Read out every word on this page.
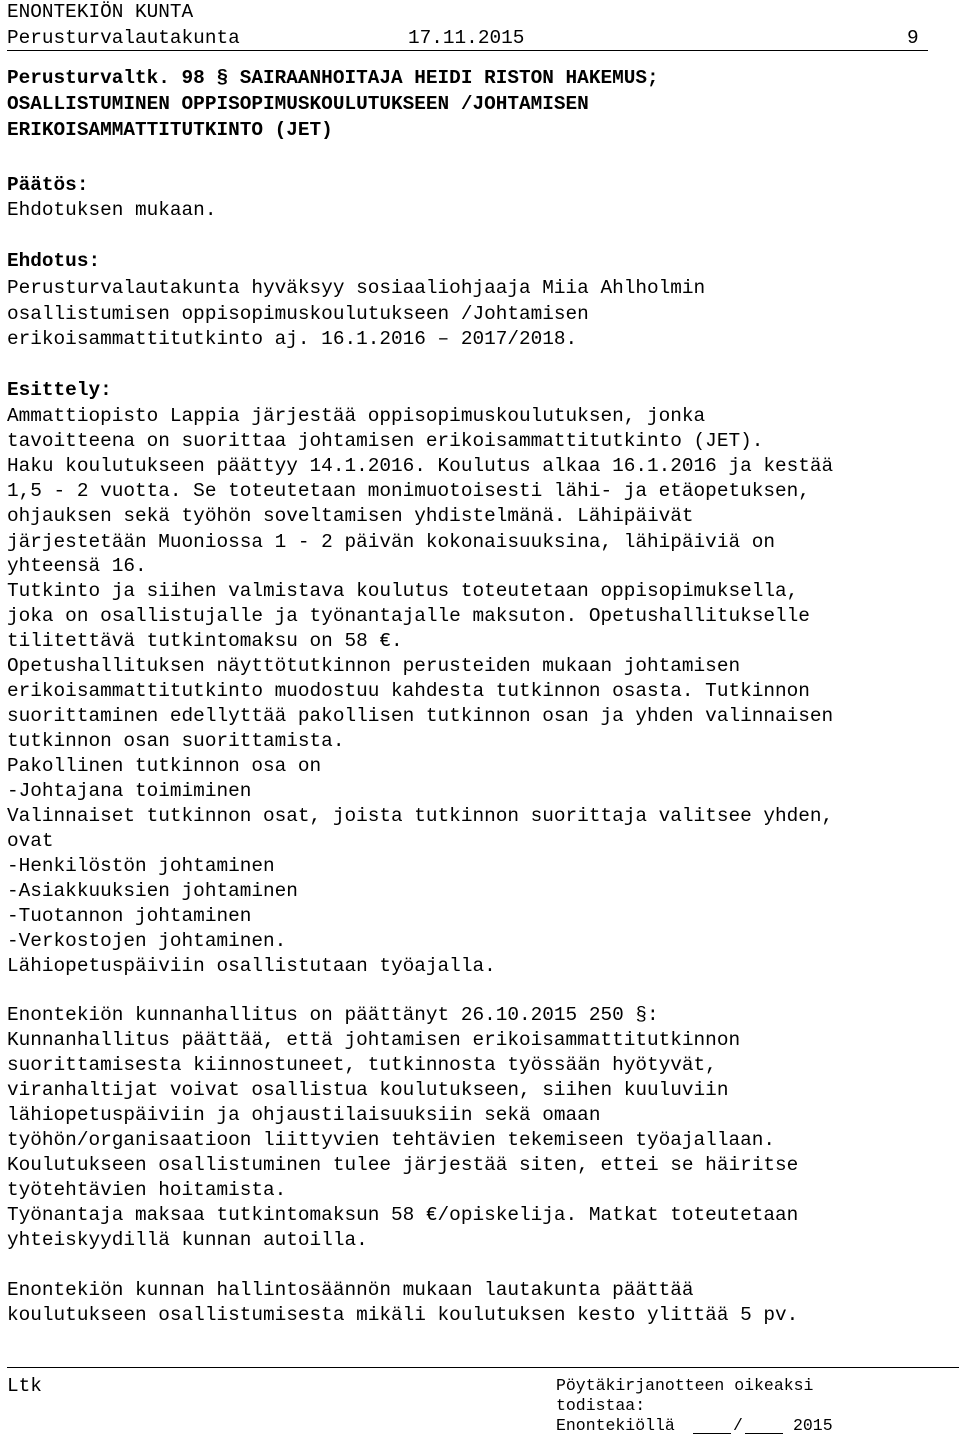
ENONTEKIÖN KUNTA
Perusturvalautakunta	17.11.2015	9
Perusturvaltk. 98 § SAIRAANHOITAJA HEIDI RISTON HAKEMUS;
OSALLISTUMINEN OPPISOPIMUSKOULUTUKSEEN /JOHTAMISEN
ERIKOISAMMATTITUTKINTO (JET)
Päätös:
Ehdotuksen mukaan.
Ehdotus:
Perusturvalautakunta hyväksyy sosiaaliohjaaja Miia Ahlholmin
osallistumisen oppisopimuskoulutukseen /Johtamisen
erikoisammattitutkinto aj. 16.1.2016 – 2017/2018.
Esittely:
Ammattiopisto Lappia järjestää oppisopimuskoulutuksen, jonka
tavoitteena on suorittaa johtamisen erikoisammattitutkinto (JET).
Haku koulutukseen päättyy 14.1.2016. Koulutus alkaa 16.1.2016 ja kestää
1,5 - 2 vuotta. Se toteutetaan monimuotoisesti lähi- ja etäopetuksen,
ohjauksen sekä työhön soveltamisen yhdistelmänä. Lähipäivät
järjestetään Muoniossa 1 - 2 päivän kokonaisuuksina, lähipäiviä on
yhteensä 16.
Tutkinto ja siihen valmistava koulutus toteutetaan oppisopimuksella,
joka on osallistujalle ja työnantajalle maksuton. Opetushallitukselle
tilitettävä tutkintomaksu on 58 €.
Opetushallituksen näyttötutkinnon perusteiden mukaan johtamisen
erikoisammattitutkinto muodostuu kahdesta tutkinnon osasta. Tutkinnon
suorittaminen edellyttää pakollisen tutkinnon osan ja yhden valinnaisen
tutkinnon osan suorittamista.
Pakollinen tutkinnon osa on
-Johtajana toimiminen
Valinnaiset tutkinnon osat, joista tutkinnon suorittaja valitsee yhden,
ovat
-Henkilöstön johtaminen
-Asiakkuuksien johtaminen
-Tuotannon johtaminen
-Verkostojen johtaminen.
Lähiopetuspäiviin osallistutaan työajalla.
Enontekiön kunnanhallitus on päättänyt 26.10.2015 250 §:
Kunnanhallitus päättää, että johtamisen erikoisammattitutkinnon
suorittamisesta kiinnostuneet, tutkinnosta työssään hyötyvät,
viranhaltijat voivat osallistua koulutukseen, siihen kuuluviin
lähiopetuspäiviin ja ohjaustilaisuuksiin sekä omaan
työhön/organisaatioon liittyvien tehtävien tekemiseen työajallaan.
Koulutukseen osallistuminen tulee järjestää siten, ettei se häiritse
työtehtävien hoitamista.
Työnantaja maksaa tutkintomaksun 58 €/opiskelija. Matkat toteutetaan
yhteiskyydillä kunnan autoilla.
Enontekiön kunnan hallintosäännön mukaan lautakunta päättää
koulutukseen osallistumisesta mikäli koulutuksen kesto ylittää 5 pv.
Ltk	Pöytäkirjanotteen oikeaksi
todistaa:
Enontekiöllä	/	2015
